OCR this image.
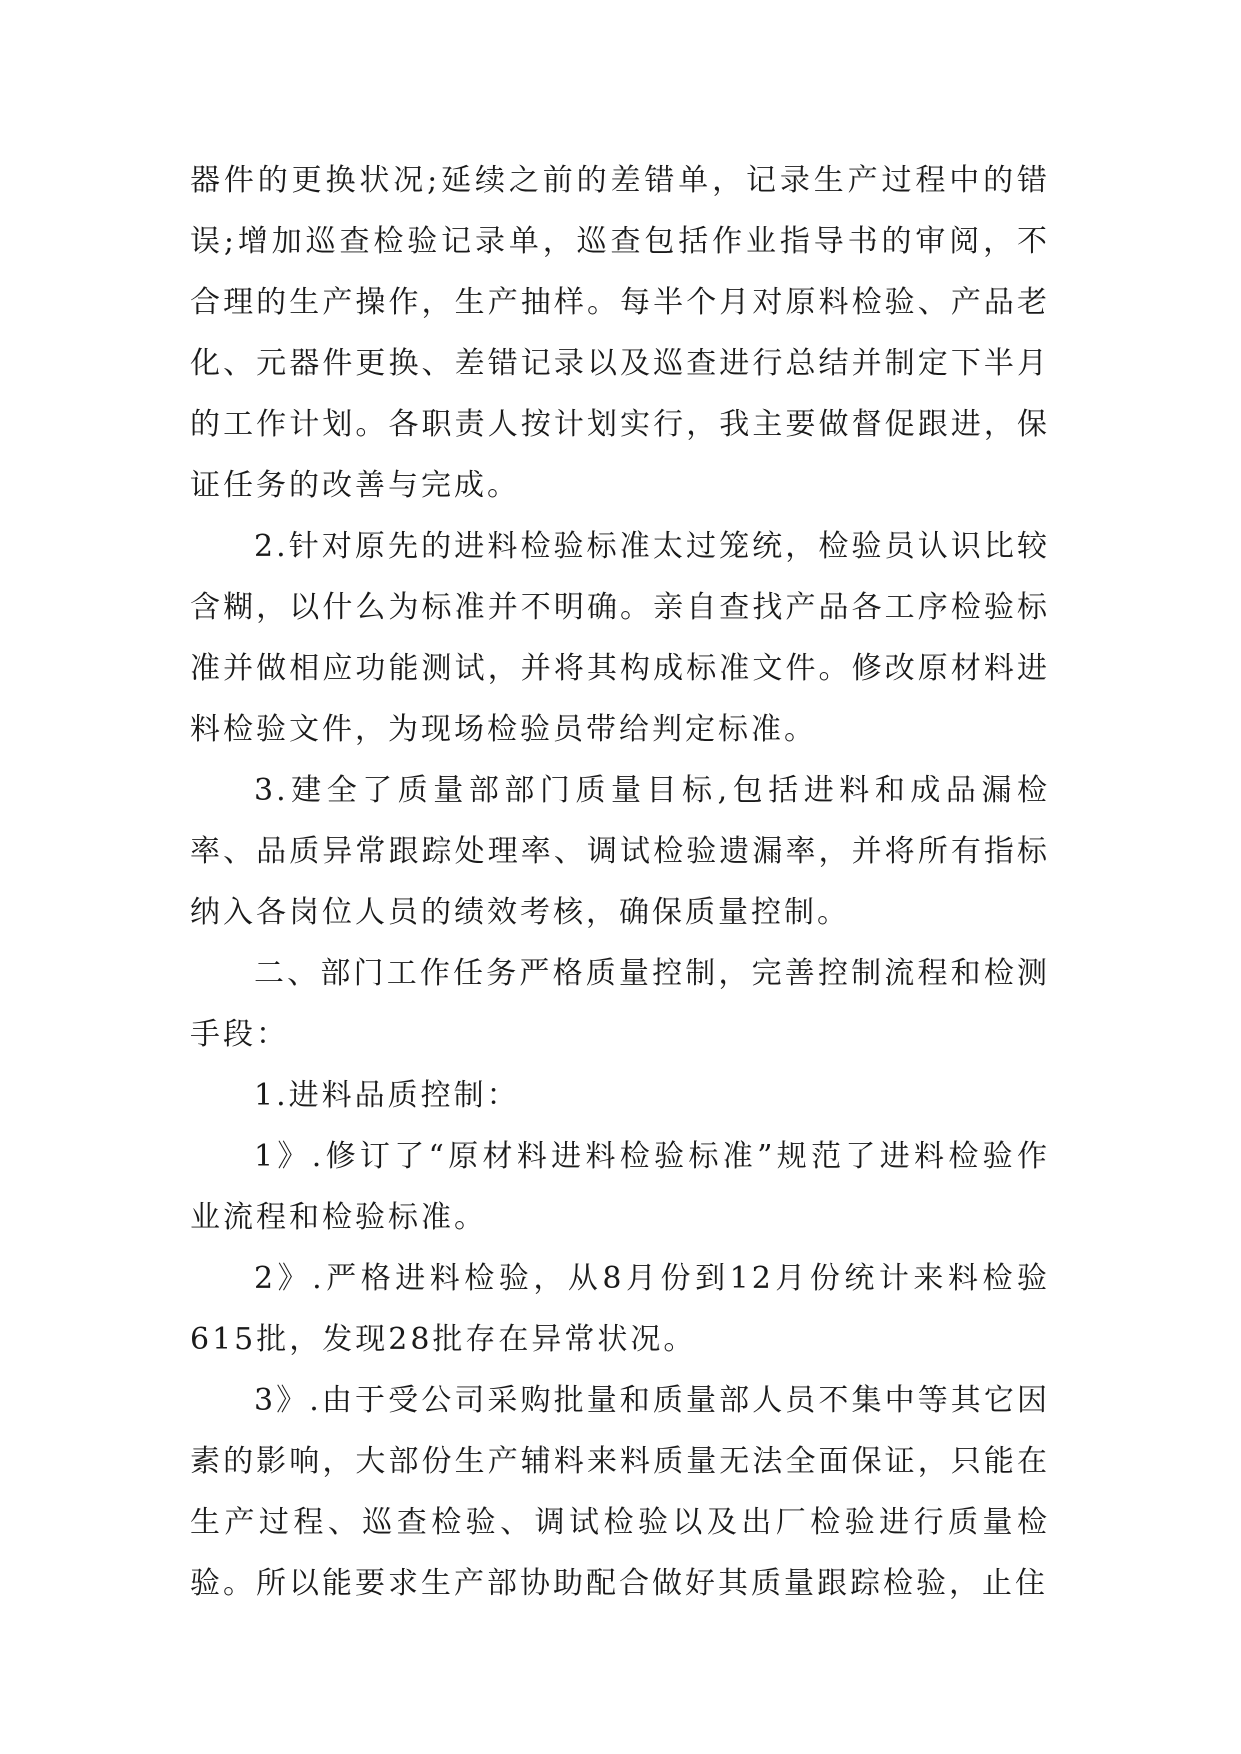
器件的更换状况;延续之前的差错单，记录生产过程中的错误;增加巡查检验记录单，巡查包括作业指导书的审阅，不合理的生产操作，生产抽样。每半个月对原料检验、产品老化、元器件更换、差错记录以及巡查进行总结并制定下半月的工作计划。各职责人按计划实行，我主要做督促跟进，保证任务的改善与完成。

2.针对原先的进料检验标准太过笼统，检验员认识比较含糊，以什么为标准并不明确。亲自查找产品各工序检验标准并做相应功能测试，并将其构成标准文件。修改原材料进料检验文件，为现场检验员带给判定标准。

3.建全了质量部部门质量目标,包括进料和成品漏检率、品质异常跟踪处理率、调试检验遗漏率，并将所有指标纳入各岗位人员的绩效考核，确保质量控制。

二、部门工作任务严格质量控制，完善控制流程和检测手段：

1.进料品质控制：

1》.修订了“原材料进料检验标准”规范了进料检验作业流程和检验标准。

2》.严格进料检验，从8月份到12月份统计来料检验615批，发现28批存在异常状况。

3》.由于受公司采购批量和质量部人员不集中等其它因素的影响，大部份生产辅料来料质量无法全面保证，只能在生产过程、巡查检验、调试检验以及出厂检验进行质量检验。所以能要求生产部协助配合做好其质量跟踪检验，止住
